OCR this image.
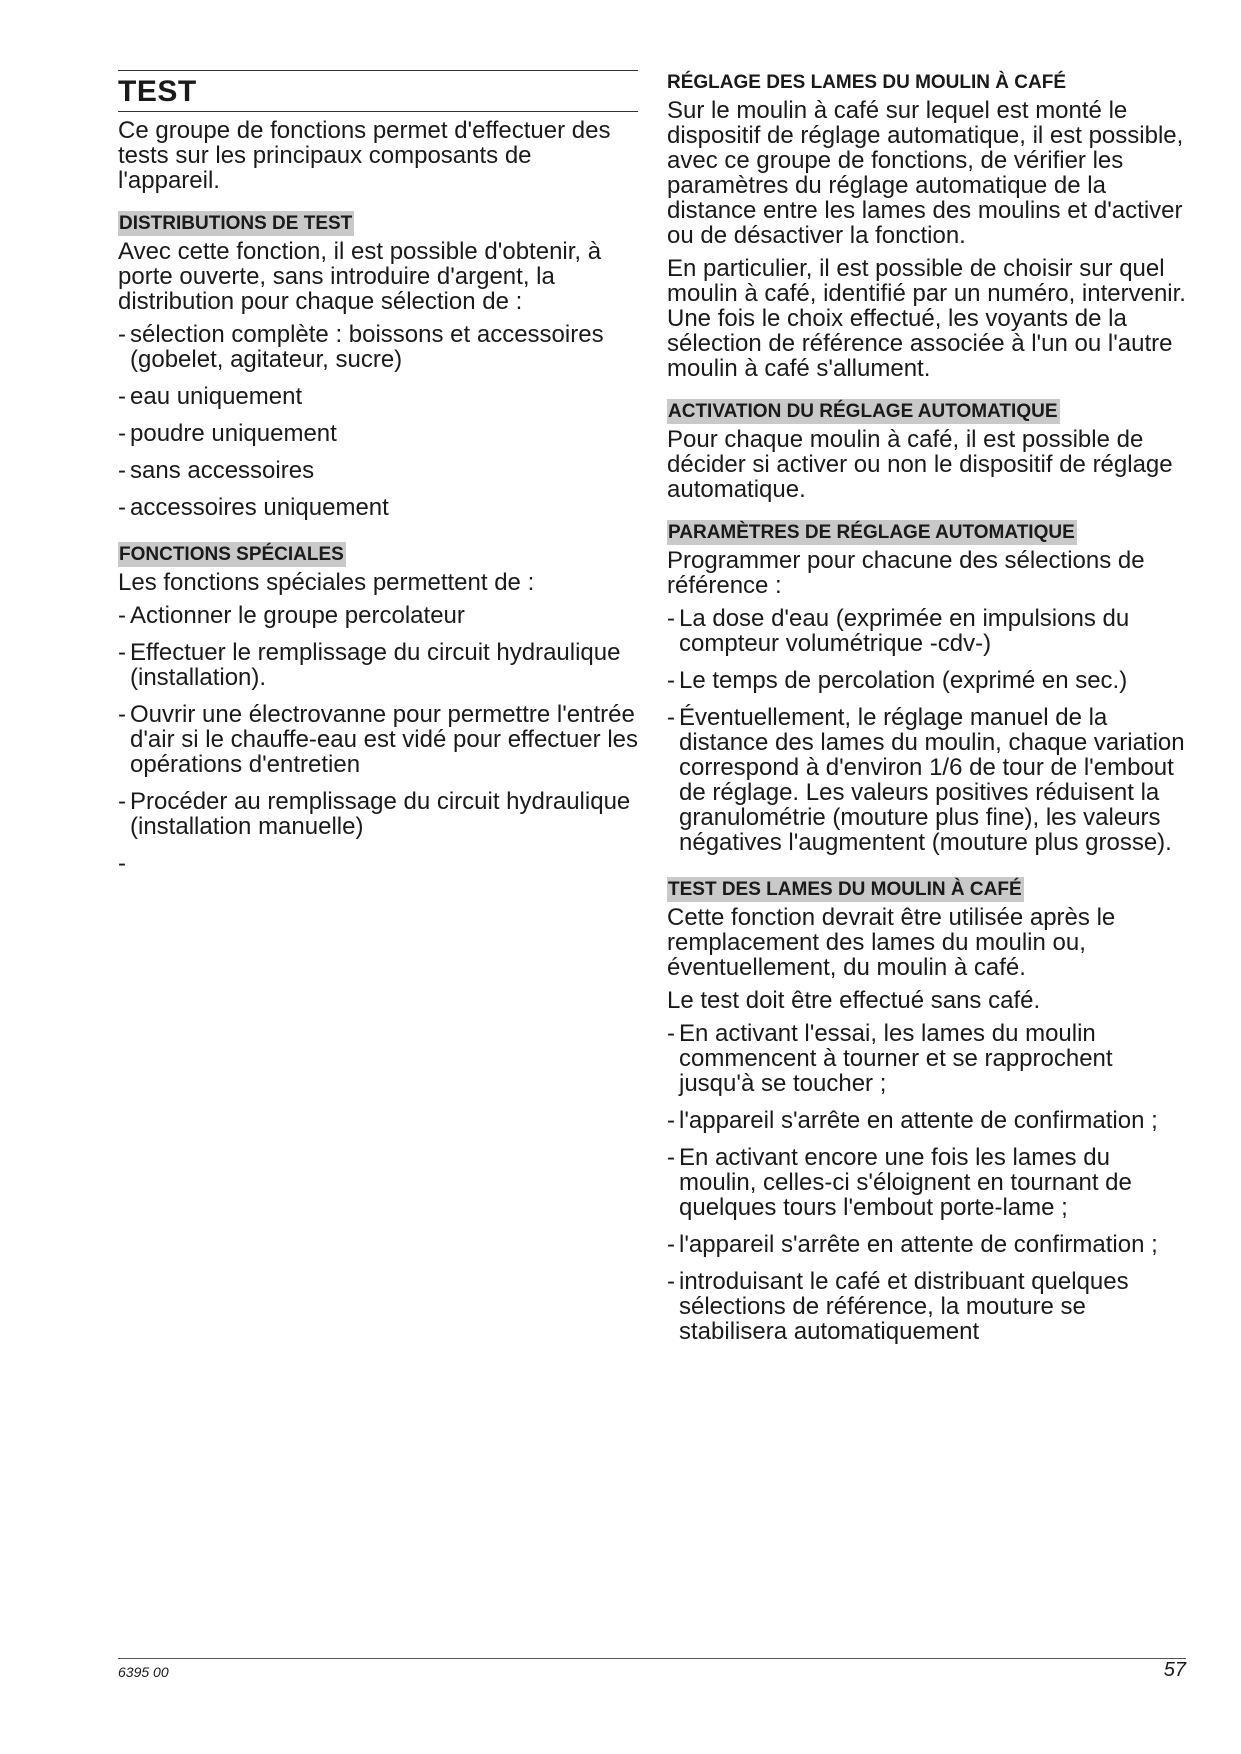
TEST

Ce groupe de fonctions permet d'effectuer des tests sur les principaux composants de l'appareil.

DISTRIBUTIONS DE TEST

Avec cette fonction, il est possible d'obtenir, à porte ouverte, sans introduire d'argent, la distribution pour chaque sélection de :

- sélection complète : boissons et accessoires (gobelet, agitateur, sucre)
- eau uniquement
- poudre uniquement
- sans accessoires
- accessoires uniquement
FONCTIONS SPÉCIALES

Les fonctions spéciales permettent de :

- Actionner le groupe percolateur
- Effectuer le remplissage du circuit hydraulique (installation).
- Ouvrir une électrovanne pour permettre l'entrée d'air si le chauffe-eau est vidé pour effectuer les opérations d'entretien
- Procéder au remplissage du circuit hydraulique (installation manuelle)
-
RÉGLAGE DES LAMES DU MOULIN À CAFÉ

Sur le moulin à café sur lequel est monté le dispositif de réglage automatique, il est possible, avec ce groupe de fonctions, de vérifier les paramètres du réglage automatique de la distance entre les lames des moulins et d'activer ou de désactiver la fonction.

En particulier, il est possible de choisir sur quel moulin à café, identifié par un numéro, intervenir. Une fois le choix effectué, les voyants de la sélection de référence associée à l'un ou l'autre moulin à café s'allument.

ACTIVATION DU RÉGLAGE AUTOMATIQUE

Pour chaque moulin à café, il est possible de décider si activer ou non le dispositif de réglage automatique.

PARAMÈTRES DE RÉGLAGE AUTOMATIQUE

Programmer pour chacune des sélections de référence :

- La dose d'eau (exprimée en impulsions du compteur volumétrique -cdv-)
- Le temps de percolation (exprimé en sec.)
- Éventuellement, le réglage manuel de la distance des lames du moulin, chaque variation correspond à d'environ 1/6 de tour de l'embout de réglage. Les valeurs positives réduisent la granulométrie (mouture plus fine), les valeurs négatives l'augmentent (mouture plus grosse).
TEST DES LAMES DU MOULIN À CAFÉ

Cette fonction devrait être utilisée après le remplacement des lames du moulin ou, éventuellement, du moulin à café.

Le test doit être effectué sans café.

- En activant l'essai, les lames du moulin commencent à tourner et se rapprochent jusqu'à se toucher ;
- l'appareil s'arrête en attente de confirmation ;
- En activant encore une fois les lames du moulin, celles-ci s'éloignent en tournant de quelques tours l'embout porte-lame ;
- l'appareil s'arrête en attente de confirmation ;
- introduisant le café et distribuant quelques sélections de référence, la mouture se stabilisera automatiquement
6395 00	57
